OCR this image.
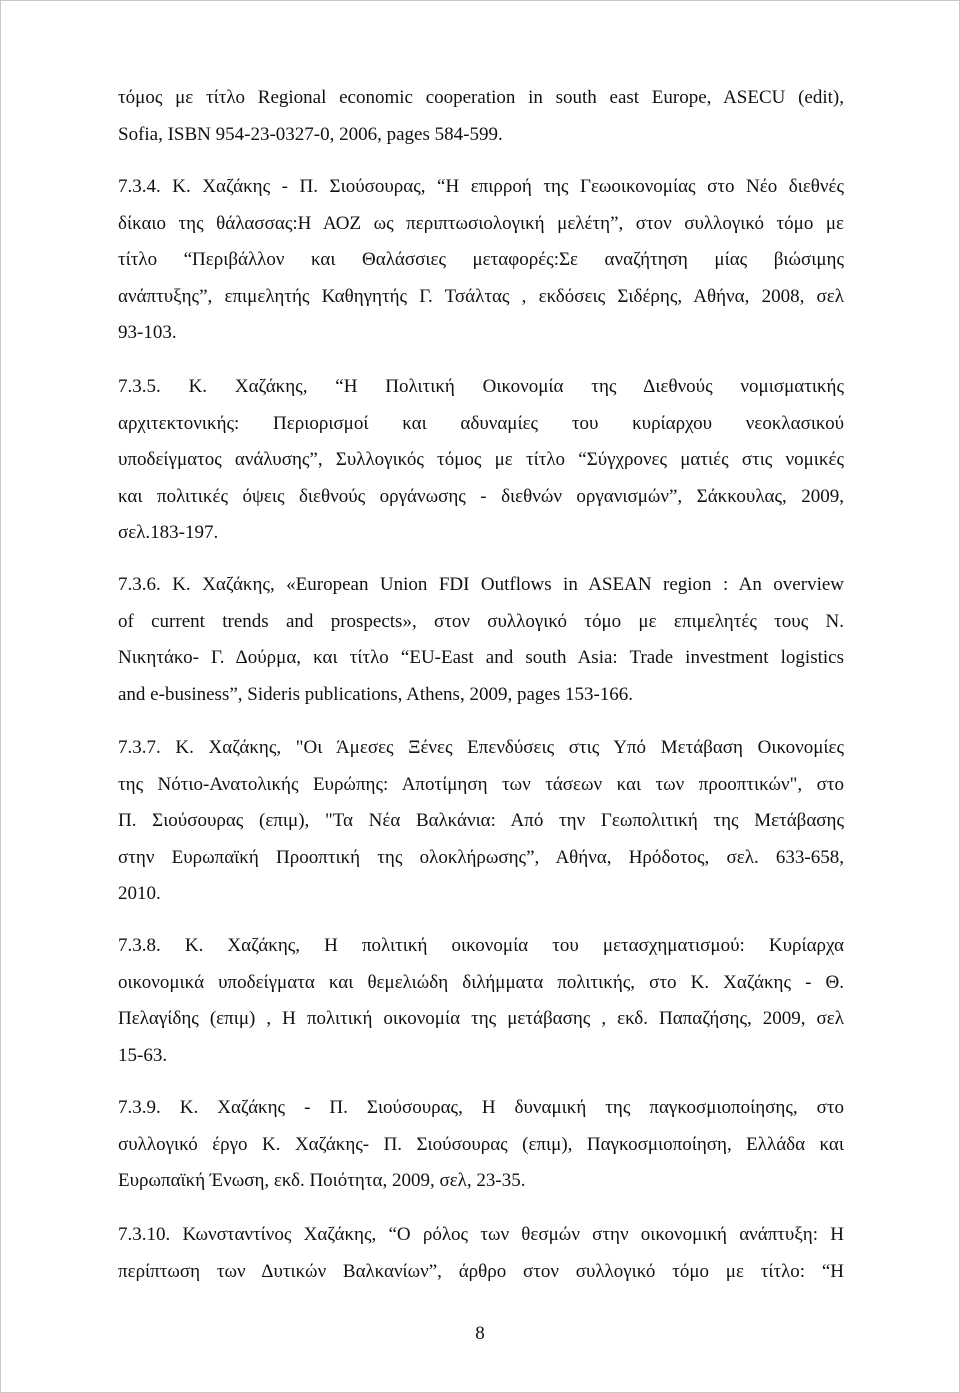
τόμος με τίτλο Regional economic cooperation in south east Europe, ASECU (edit),
Sofia, ISBN 954-23-0327-0, 2006, pages 584-599.
7.3.4. Κ. Χαζάκης - Π. Σιούσουρας, “Η επιρροή της Γεωοικονομίας στο Νέο διεθνές
δίκαιο της θάλασσας:Η ΑΟΖ ως περιπτωσιολογική μελέτη”, στον συλλογικό τόμο με
τίτλο “Περιβάλλον και Θαλάσσιες μεταφορές:Σε αναζήτηση μίας βιώσιμης
ανάπτυξης”, επιμελητής Καθηγητής Γ. Τσάλτας , εκδόσεις Σιδέρης, Αθήνα, 2008, σελ
93-103.
7.3.5. Κ. Χαζάκης, “Η Πολιτική Οικονομία της Διεθνούς νομισματικής
αρχιτεκτονικής: Περιορισμοί και αδυναμίες του κυρίαρχου νεοκλασικού
υποδείγματος ανάλυσης”, Συλλογικός τόμος με τίτλο “Σύγχρονες ματιές στις νομικές
και πολιτικές όψεις διεθνούς οργάνωσης - διεθνών οργανισμών”, Σάκκουλας, 2009,
σελ.183-197.
7.3.6. Κ. Χαζάκης, «European Union FDI Outflows in ASEAN region : An overview
of current trends and prospects», στον συλλογικό τόμο με επιμελητές τους Ν.
Νικητάκο- Γ. Δούρμα, και τίτλο “EU-East and south Asia: Trade investment logistics
and e-business”, Sideris publications, Athens, 2009, pages 153-166.
7.3.7. Κ. Χαζάκης, "Οι Άμεσες Ξένες Επενδύσεις στις Υπό Μετάβαση Οικονομίες
της Νότιο-Ανατολικής Ευρώπης: Αποτίμηση των τάσεων και των προοπτικών", στο
Π. Σιούσουρας (επιμ), "Τα Νέα Βαλκάνια: Από την Γεωπολιτική της Μετάβασης
στην Ευρωπαϊκή Προοπτική της ολοκλήρωσης”, Αθήνα, Ηρόδοτος, σελ. 633-658,
2010.
7.3.8. Κ. Χαζάκης, Η πολιτική οικονομία του μετασχηματισμού: Κυρίαρχα
οικονομικά υποδείγματα και θεμελιώδη διλήμματα πολιτικής, στο Κ. Χαζάκης - Θ.
Πελαγίδης (επιμ) , Η πολιτική οικονομία της μετάβασης , εκδ. Παπαζήσης, 2009, σελ
15-63.
7.3.9. Κ. Χαζάκης - Π. Σιούσουρας, Η δυναμική της παγκοσμιοποίησης, στο
συλλογικό έργο Κ. Χαζάκης- Π. Σιούσουρας (επιμ), Παγκοσμιοποίηση, Ελλάδα και
Ευρωπαϊκή Ένωση, εκδ. Ποιότητα, 2009, σελ, 23-35.
7.3.10. Κωνσταντίνος Χαζάκης, “Ο ρόλος των θεσμών στην οικονομική ανάπτυξη: Η
περίπτωση των Δυτικών Βαλκανίων”, άρθρο στον συλλογικό τόμο με τίτλο: “Η
8
